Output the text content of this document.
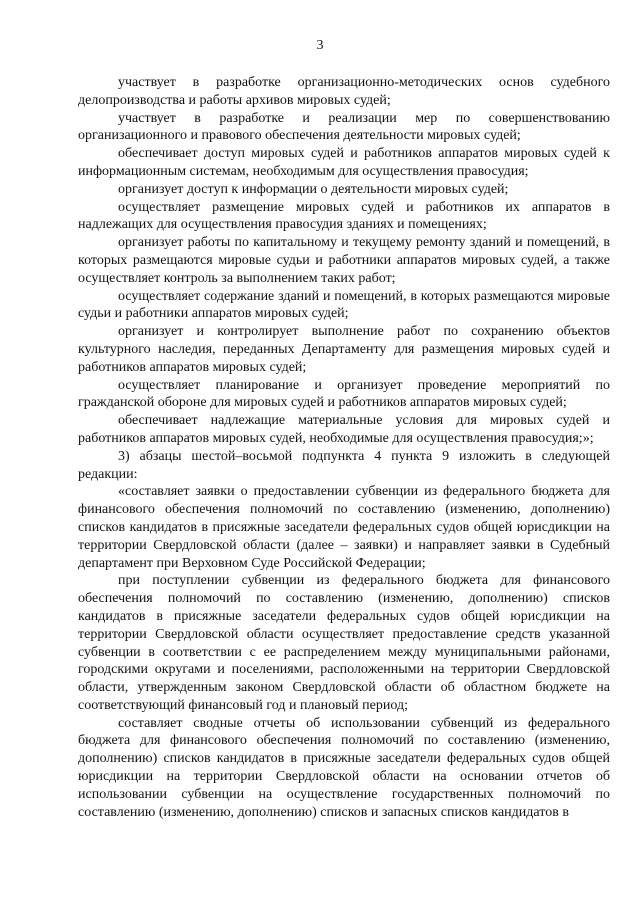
3

участвует в разработке организационно-методических основ судебного делопроизводства и работы архивов мировых судей;

участвует в разработке и реализации мер по совершенствованию организационного и правового обеспечения деятельности мировых судей;

обеспечивает доступ мировых судей и работников аппаратов мировых судей к информационным системам, необходимым для осуществления правосудия;

организует доступ к информации о деятельности мировых судей;

осуществляет размещение мировых судей и работников их аппаратов в надлежащих для осуществления правосудия зданиях и помещениях;

организует работы по капитальному и текущему ремонту зданий и помещений, в которых размещаются мировые судьи и работники аппаратов мировых судей, а также осуществляет контроль за выполнением таких работ;

осуществляет содержание зданий и помещений, в которых размещаются мировые судьи и работники аппаратов мировых судей;

организует и контролирует выполнение работ по сохранению объектов культурного наследия, переданных Департаменту для размещения мировых судей и работников аппаратов мировых судей;

осуществляет планирование и организует проведение мероприятий по гражданской обороне для мировых судей и работников аппаратов мировых судей;

обеспечивает надлежащие материальные условия для мировых судей и работников аппаратов мировых судей, необходимые для осуществления правосудия;»;

3) абзацы шестой–восьмой подпункта 4 пункта 9 изложить в следующей редакции:

«составляет заявки о предоставлении субвенции из федерального бюджета для финансового обеспечения полномочий по составлению (изменению, дополнению) списков кандидатов в присяжные заседатели федеральных судов общей юрисдикции на территории Свердловской области (далее – заявки) и направляет заявки в Судебный департамент при Верховном Суде Российской Федерации;

при поступлении субвенции из федерального бюджета для финансового обеспечения полномочий по составлению (изменению, дополнению) списков кандидатов в присяжные заседатели федеральных судов общей юрисдикции на территории Свердловской области осуществляет предоставление средств указанной субвенции в соответствии с ее распределением между муниципальными районами, городскими округами и поселениями, расположенными на территории Свердловской области, утвержденным законом Свердловской области об областном бюджете на соответствующий финансовый год и плановый период;

составляет сводные отчеты об использовании субвенций из федерального бюджета для финансового обеспечения полномочий по составлению (изменению, дополнению) списков кандидатов в присяжные заседатели федеральных судов общей юрисдикции на территории Свердловской области на основании отчетов об использовании субвенции на осуществление государственных полномочий по составлению (изменению, дополнению) списков и запасных списков кандидатов в
